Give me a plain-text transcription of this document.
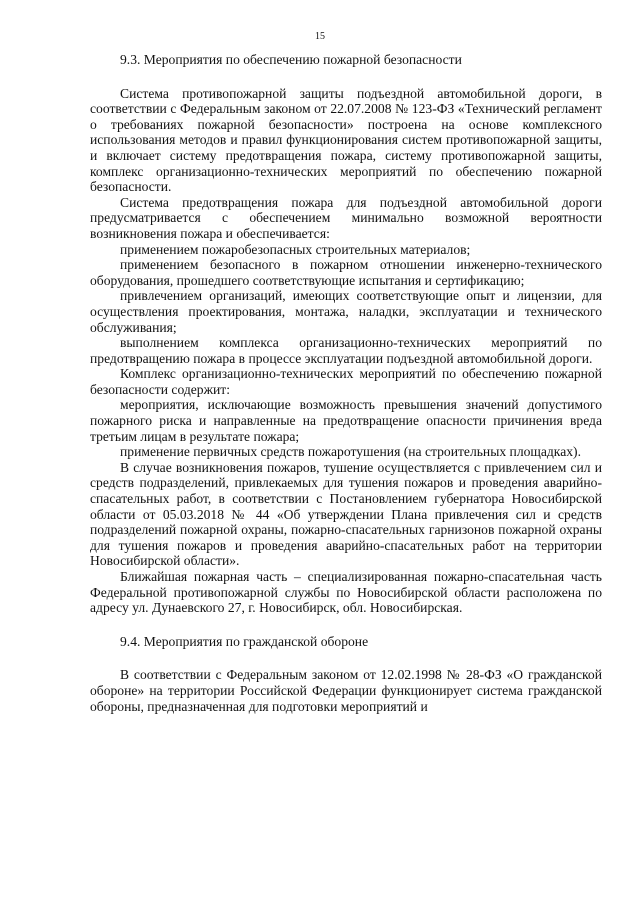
15
9.3. Мероприятия по обеспечению пожарной безопасности

Система противопожарной защиты подъездной автомобильной дороги, в соответствии с Федеральным законом от 22.07.2008 № 123-ФЗ «Технический регламент о требованиях пожарной безопасности» построена на основе комплексного использования методов и правил функционирования систем противопожарной защиты, и включает систему предотвращения пожара, систему противопожарной защиты, комплекс организационно-технических мероприятий по обеспечению пожарной безопасности.

Система предотвращения пожара для подъездной автомобильной дороги предусматривается с обеспечением минимально возможной вероятности возникновения пожара и обеспечивается:

применением пожаробезопасных строительных материалов;

применением безопасного в пожарном отношении инженерно-технического оборудования, прошедшего соответствующие испытания и сертификацию;

привлечением организаций, имеющих соответствующие опыт и лицензии, для осуществления проектирования, монтажа, наладки, эксплуатации и технического обслуживания;

выполнением комплекса организационно-технических мероприятий по предотвращению пожара в процессе эксплуатации подъездной автомобильной дороги.

Комплекс организационно-технических мероприятий по обеспечению пожарной безопасности содержит:

мероприятия, исключающие возможность превышения значений допустимого пожарного риска и направленные на предотвращение опасности причинения вреда третьим лицам в результате пожара;

применение первичных средств пожаротушения (на строительных площадках).

В случае возникновения пожаров, тушение осуществляется с привлечением сил и средств подразделений, привлекаемых для тушения пожаров и проведения аварийно-спасательных работ, в соответствии с Постановлением губернатора Новосибирской области от 05.03.2018 № 44 «Об утверждении Плана привлечения сил и средств подразделений пожарной охраны, пожарно-спасательных гарнизонов пожарной охраны для тушения пожаров и проведения аварийно-спасательных работ на территории Новосибирской области».

Ближайшая пожарная часть – специализированная пожарно-спасательная часть Федеральной противопожарной службы по Новосибирской области расположена по адресу ул. Дунаевского 27, г. Новосибирск, обл. Новосибирская.

9.4. Мероприятия по гражданской обороне

В соответствии с Федеральным законом от 12.02.1998 № 28-ФЗ «О гражданской обороне» на территории Российской Федерации функционирует система гражданской обороны, предназначенная для подготовки мероприятий и
